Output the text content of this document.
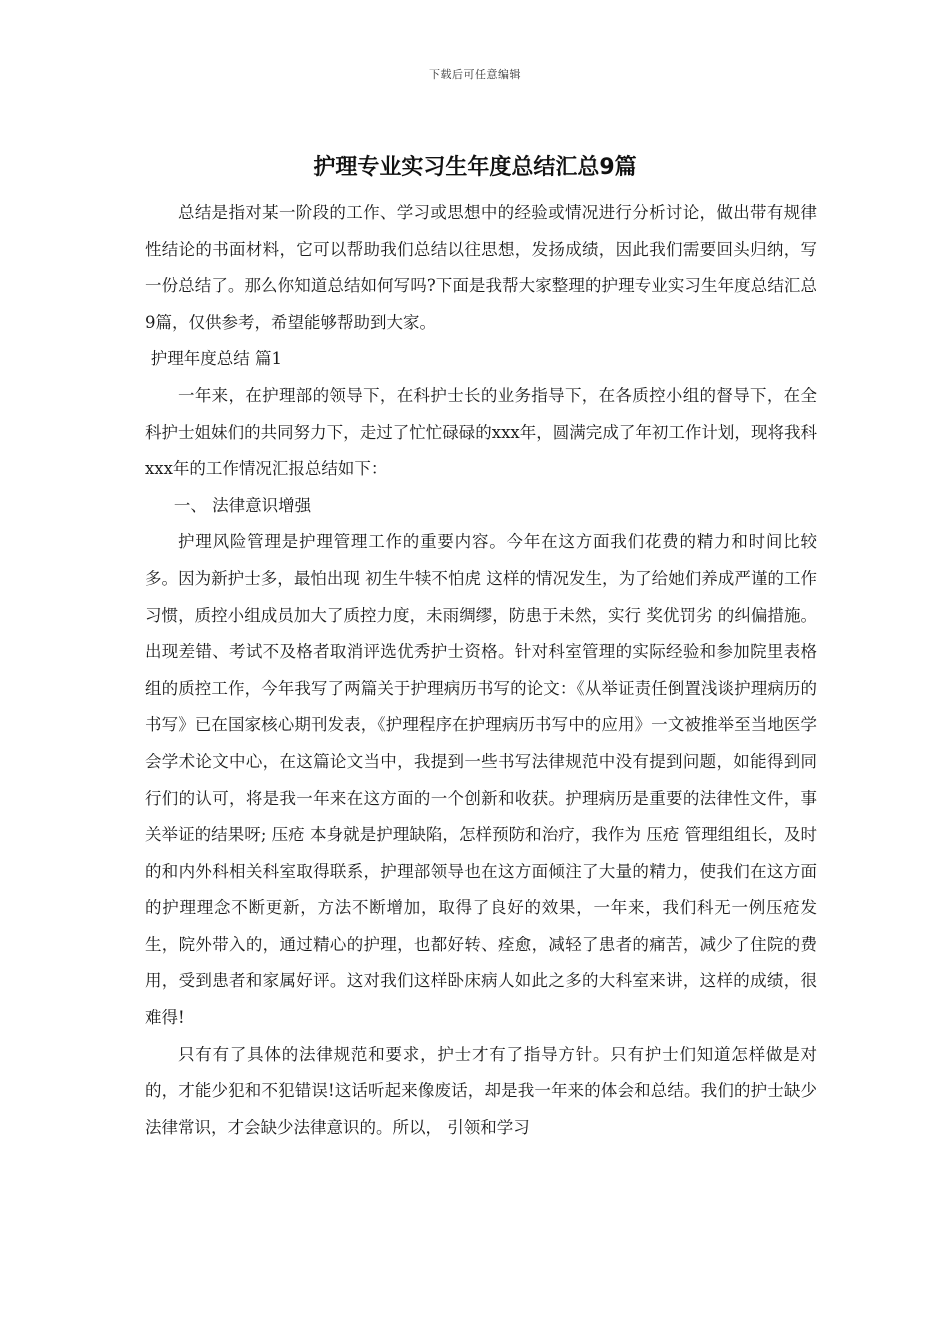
下载后可任意编辑
护理专业实习生年度总结汇总9篇

总结是指对某一阶段的工作、学习或思想中的经验或情况进行分析讨论，做出带有规律性结论的书面材料，它可以帮助我们总结以往思想，发扬成绩，因此我们需要回头归纳，写一份总结了。那么你知道总结如何写吗?下面是我帮大家整理的护理专业实习生年度总结汇总9篇，仅供参考，希望能够帮助到大家。

护理年度总结 篇1

一年来，在护理部的领导下，在科护士长的业务指导下，在各质控小组的督导下，在全科护士姐妹们的共同努力下，走过了忙忙碌碌的xxx年，圆满完成了年初工作计划，现将我科xxx年的工作情况汇报总结如下：

一、 法律意识增强

护理风险管理是护理管理工作的重要内容。今年在这方面我们花费的精力和时间比较多。因为新护士多，最怕出现 初生牛犊不怕虎 这样的情况发生，为了给她们养成严谨的工作习惯，质控小组成员加大了质控力度，未雨绸缪，防患于未然，实行 奖优罚劣 的纠偏措施。出现差错、考试不及格者取消评选优秀护士资格。针对科室管理的实际经验和参加院里表格组的质控工作，今年我写了两篇关于护理病历书写的论文：《从举证责任倒置浅谈护理病历的书写》已在国家核心期刊发表，《护理程序在护理病历书写中的应用》一文被推举至当地医学会学术论文中心，在这篇论文当中，我提到一些书写法律规范中没有提到问题，如能得到同行们的认可，将是我一年来在这方面的一个创新和收获。护理病历是重要的法律性文件，事关举证的结果呀; 压疮 本身就是护理缺陷，怎样预防和治疗，我作为 压疮 管理组组长，及时的和内外科相关科室取得联系，护理部领导也在这方面倾注了大量的精力，使我们在这方面的护理理念不断更新，方法不断增加，取得了良好的效果，一年来，我们科无一例压疮发生，院外带入的，通过精心的护理，也都好转、痊愈，减轻了患者的痛苦，减少了住院的费用，受到患者和家属好评。这对我们这样卧床病人如此之多的大科室来讲，这样的成绩，很难得!

只有有了具体的法律规范和要求，护士才有了指导方针。只有护士们知道怎样做是对的，才能少犯和不犯错误!这话听起来像废话，却是我一年来的体会和总结。我们的护士缺少法律常识，才会缺少法律意识的。所以， 引领和学习
